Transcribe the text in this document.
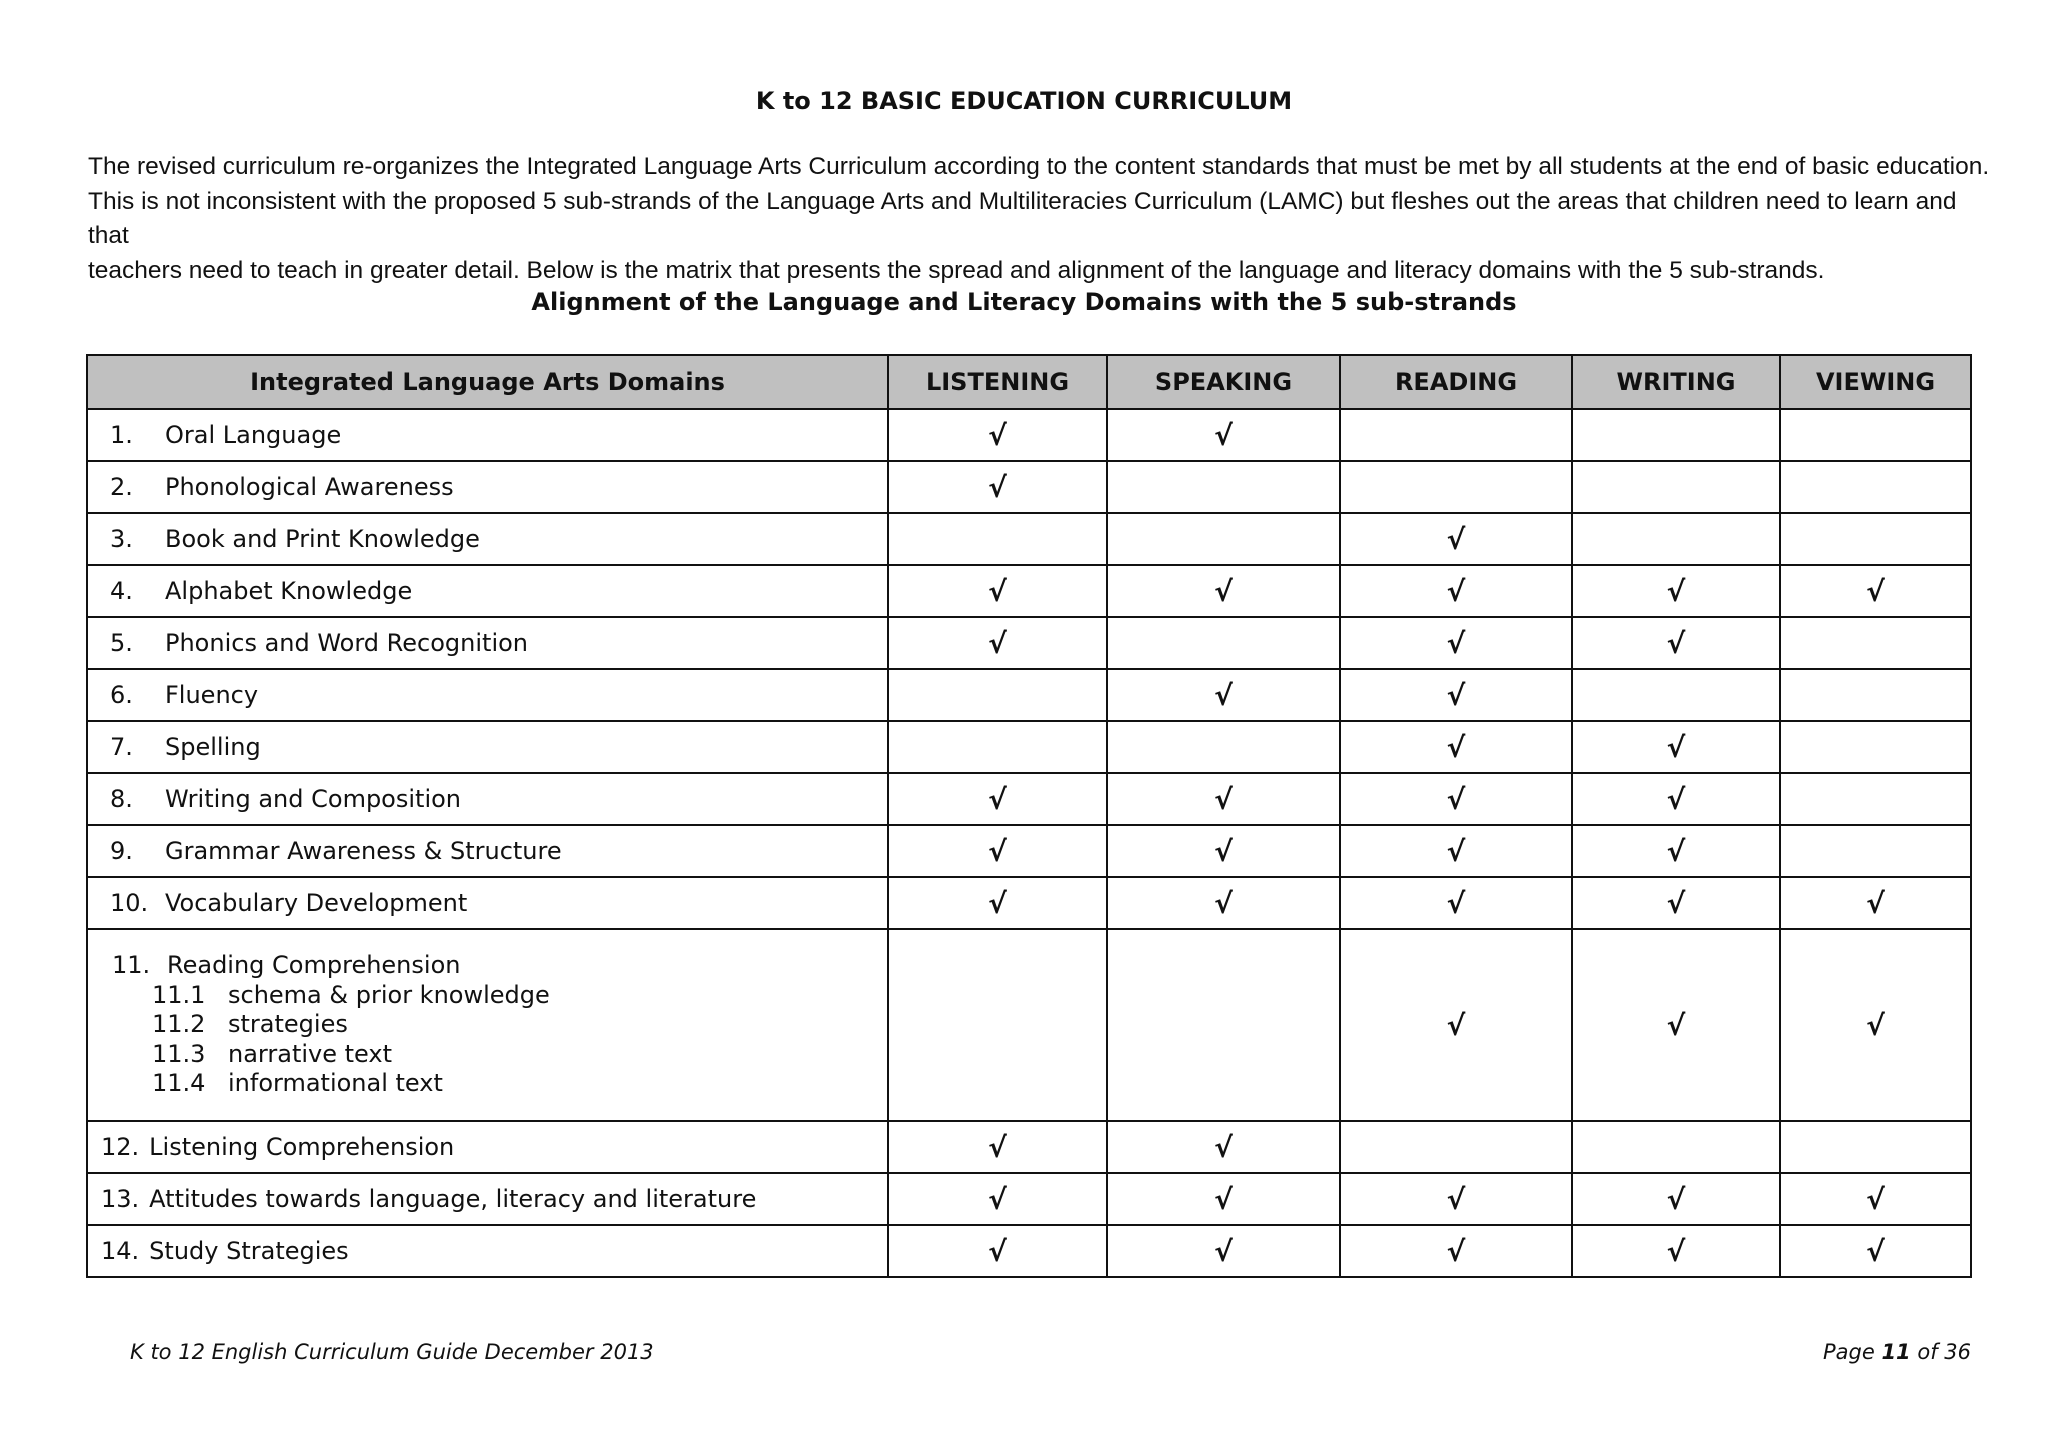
K to 12 BASIC EDUCATION CURRICULUM
The revised curriculum re-organizes the Integrated Language Arts Curriculum according to the content standards that must be met by all students at the end of basic education.
This is not inconsistent with the proposed 5 sub-strands of the Language Arts and Multiliteracies Curriculum (LAMC) but fleshes out the areas that children need to learn and that
teachers need to teach in greater detail. Below is the matrix that presents the spread and alignment of the language and literacy domains with the 5 sub-strands.
Alignment of the Language and Literacy Domains with the 5 sub-strands
Integrated Language Arts Domains	LISTENING	SPEAKING	READING	WRITING	VIEWING
1. Oral Language	√	√			
2. Phonological Awareness	√				
3. Book and Print Knowledge			√		
4. Alphabet Knowledge	√	√	√	√	√
5. Phonics and Word Recognition	√		√	√	
6. Fluency		√	√		
7. Spelling			√	√	
8. Writing and Composition	√	√	√	√	
9. Grammar Awareness & Structure	√	√	√	√	
10. Vocabulary Development	√	√	√	√	√

11. Reading Comprehension
11.1 schema & prior knowledge
11.2 strategies
11.3 narrative text
11.4 informational text			√	√	√
12. Listening Comprehension	√	√			
13. Attitudes towards language, literacy and literature	√	√	√	√	√
14. Study Strategies	√	√	√	√	√

K to 12 English Curriculum Guide December 2013	Page 11 of 36
